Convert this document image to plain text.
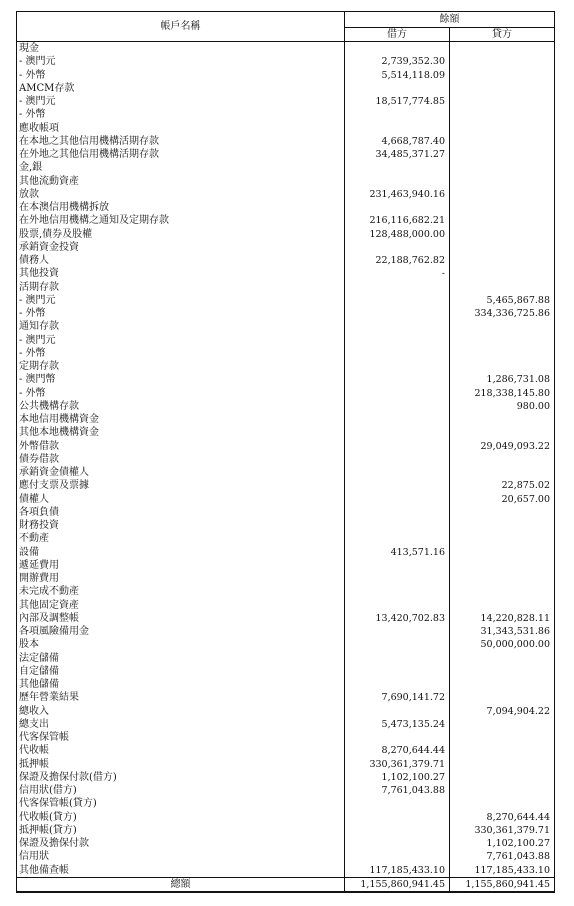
帳戶名稱	餘額	
	借方	貸方
現金		
- 澳門元	2,739,352.30	
- 外幣	5,514,118.09	
AMCM存款		
- 澳門元	18,517,774.85	
- 外幣		
應收帳項		
在本地之其他信用機構活期存款	4,668,787.40	
在外地之其他信用機構活期存款	34,485,371.27	
金,銀		
其他流動資產		
放款	231,463,940.16	
在本澳信用機構拆放		
在外地信用機構之通知及定期存款	216,116,682.21	
股票,債券及股權	128,488,000.00	
承銷資金投資		
債務人	22,188,762.82	
其他投資	-	
活期存款		
- 澳門元		5,465,867.88
- 外幣		334,336,725.86
通知存款		
- 澳門元		
- 外幣		
定期存款		
- 澳門幣		1,286,731.08
- 外幣		218,338,145.80
公共機構存款		980.00
本地信用機構資金		
其他本地機構資金		
外幣借款		29,049,093.22
債券借款		
承銷資金債權人		
應付支票及票據		22,875.02
債權人		20,657.00
各項負債		
財務投資		
不動產		
設備	413,571.16	
遞延費用		
開辦費用		
未完成不動產		
其他固定資產		
內部及調整帳	13,420,702.83	14,220,828.11
各項風險備用金		31,343,531.86
股本		50,000,000.00
法定儲備		
自定儲備		
其他儲備		
歷年營業結果	7,690,141.72	
總收入		7,094,904.22
總支出	5,473,135.24	
代客保管帳		
代收帳	8,270,644.44	
抵押帳	330,361,379.71	
保證及擔保付款(借方)	1,102,100.27	
信用狀(借方)	7,761,043.88	
代客保管帳(貸方)		
代收帳(貸方)		8,270,644.44
抵押帳(貸方)		330,361,379.71
保證及擔保付款		1,102,100.27
信用狀		7,761,043.88
其他備查帳	117,185,433.10	117,185,433.10
總額	1,155,860,941.45	1,155,860,941.45
